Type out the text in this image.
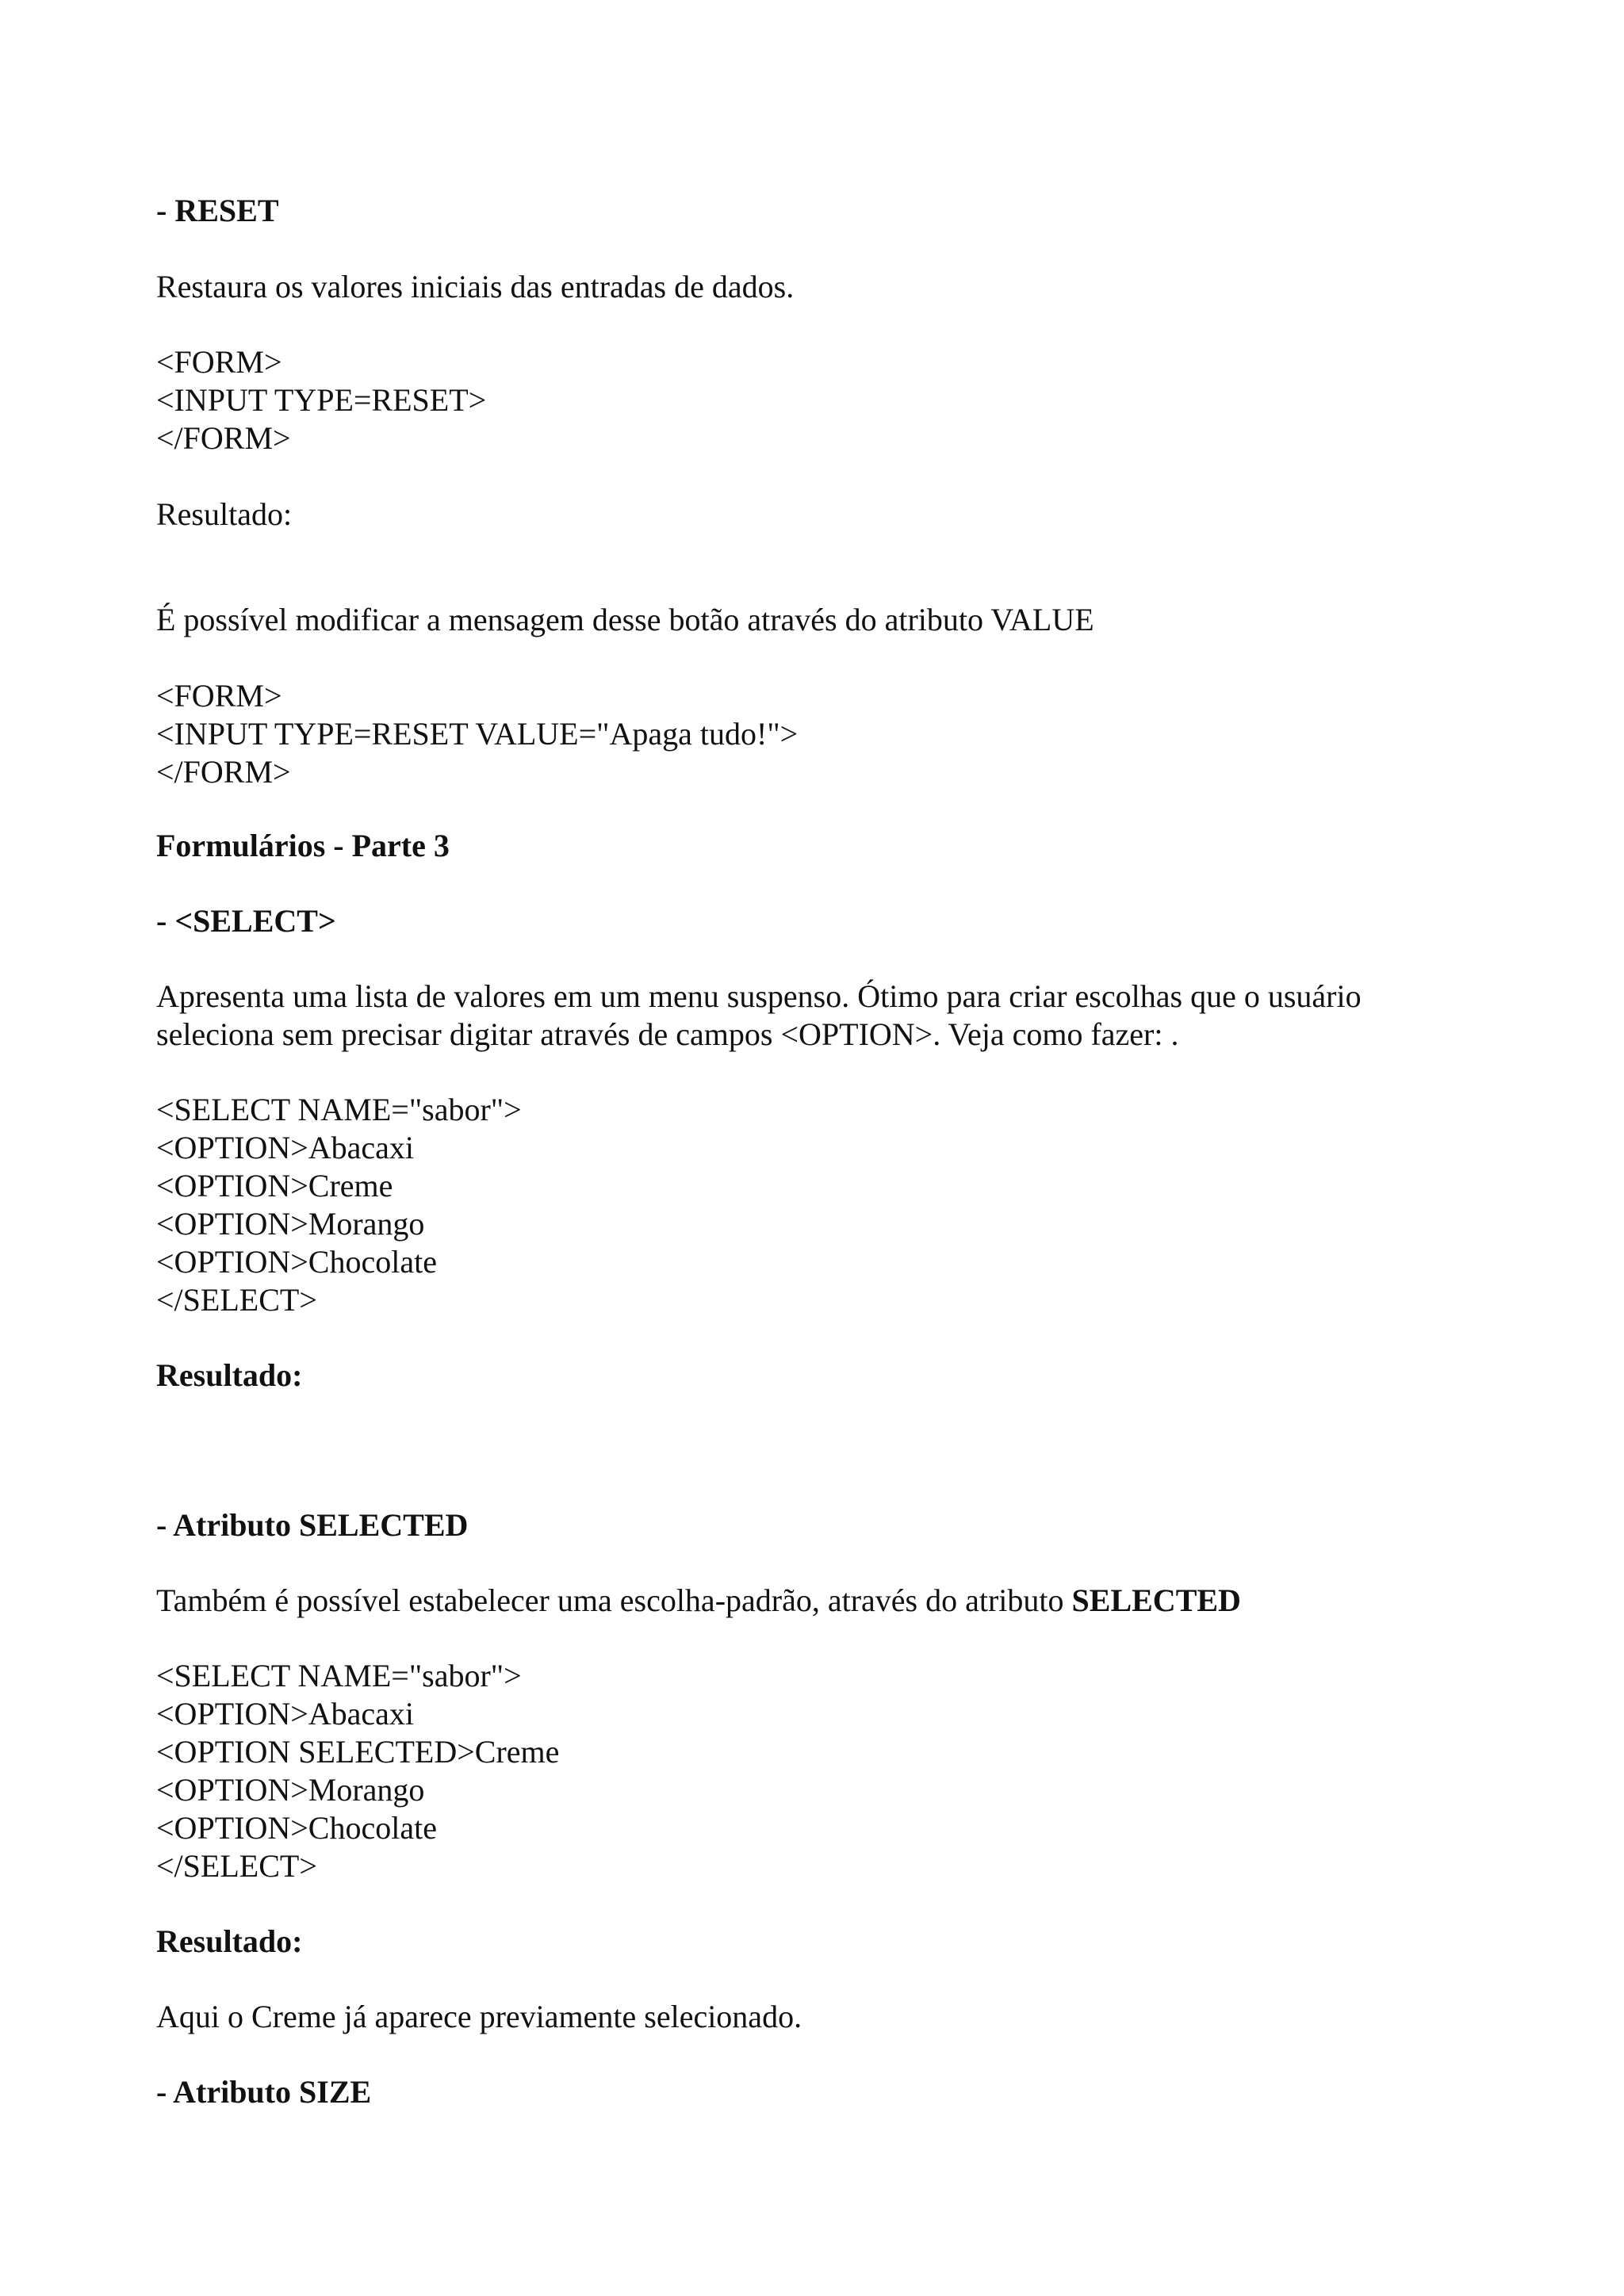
- RESET
Restaura os valores iniciais das entradas de dados.
<FORM>
<INPUT TYPE=RESET>
</FORM>
Resultado:
É possível modificar a mensagem desse botão através do atributo VALUE
<FORM>
<INPUT TYPE=RESET VALUE="Apaga tudo!">
</FORM>
Formulários - Parte 3
- <SELECT>
Apresenta uma lista de valores em um menu suspenso. Ótimo para criar escolhas que o usuário
seleciona sem precisar digitar através de campos <OPTION>. Veja como fazer: .
<SELECT NAME="sabor">
<OPTION>Abacaxi
<OPTION>Creme
<OPTION>Morango
<OPTION>Chocolate
</SELECT>
Resultado:
- Atributo SELECTED
Também é possível estabelecer uma escolha-padrão, através do atributo SELECTED
<SELECT NAME="sabor">
<OPTION>Abacaxi
<OPTION SELECTED>Creme
<OPTION>Morango
<OPTION>Chocolate
</SELECT>
Resultado:
Aqui o Creme já aparece previamente selecionado.
- Atributo SIZE
